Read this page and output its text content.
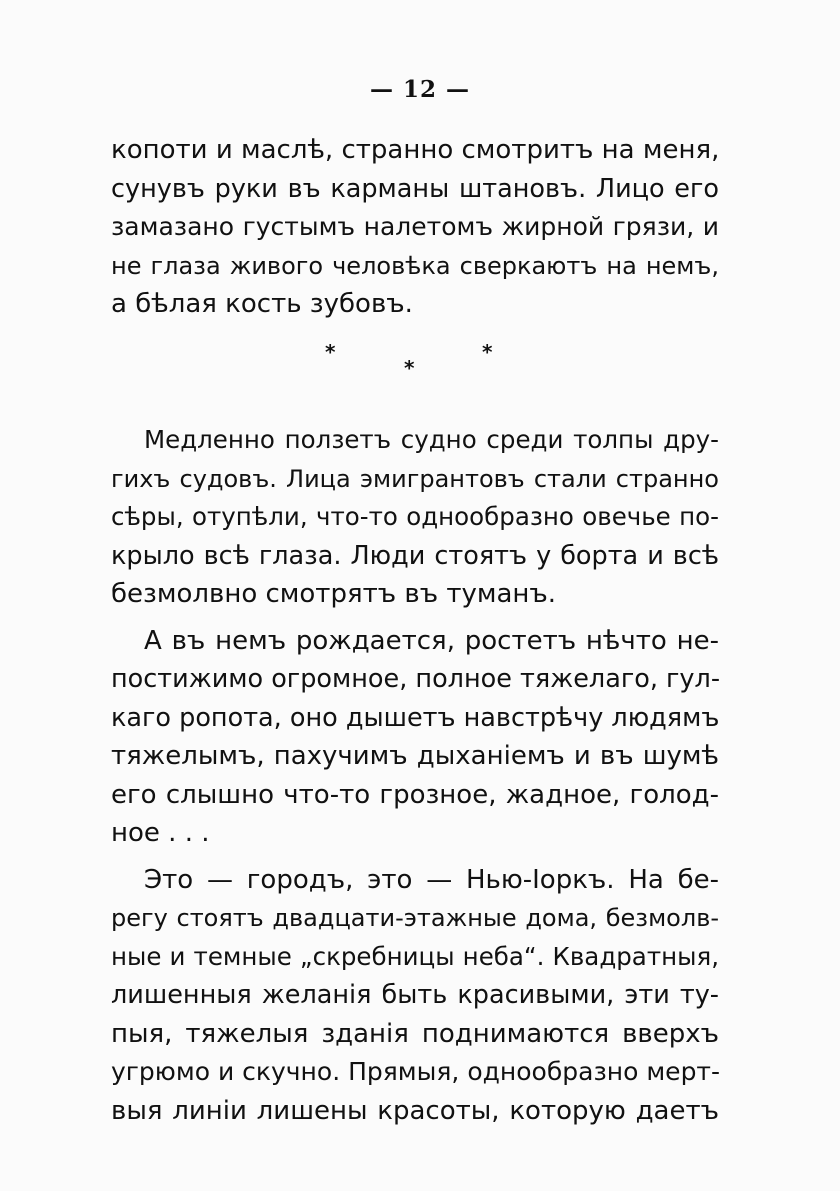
— 12 —
копоти и маслѣ, странно смотритъ на меня,
сунувъ руки въ карманы штановъ. Лицо его
замазано густымъ налетомъ жирной грязи, и
не глаза живого человѣка сверкаютъ на немъ,
а бѣлая кость зубовъ.
*
*
*
Медленно ползетъ судно среди толпы дру-
гихъ судовъ. Лица эмигрантовъ стали странно
сѣры, отупѣли, что-то однообразно овечье по-
крыло всѣ глаза. Люди стоятъ у борта и всѣ
безмолвно смотрятъ въ туманъ.
А въ немъ рождается, ростетъ нѣчто не-
постижимо огромное, полное тяжелаго, гул-
каго ропота, оно дышетъ навстрѣчу людямъ
тяжелымъ, пахучимъ дыханіемъ и въ шумѣ
его слышно что-то грозное, жадное, голод-
ное . . .
Это — городъ, это — Нью-Іоркъ. На бе-
регу стоятъ двадцати-этажные дома, безмолв-
ные и темные „скребницы неба“. Квадратныя,
лишенныя желанія быть красивыми, эти ту-
пыя, тяжелыя зданія поднимаются вверхъ
угрюмо и скучно. Прямыя, однообразно мерт-
выя линіи лишены красоты, которую даетъ
